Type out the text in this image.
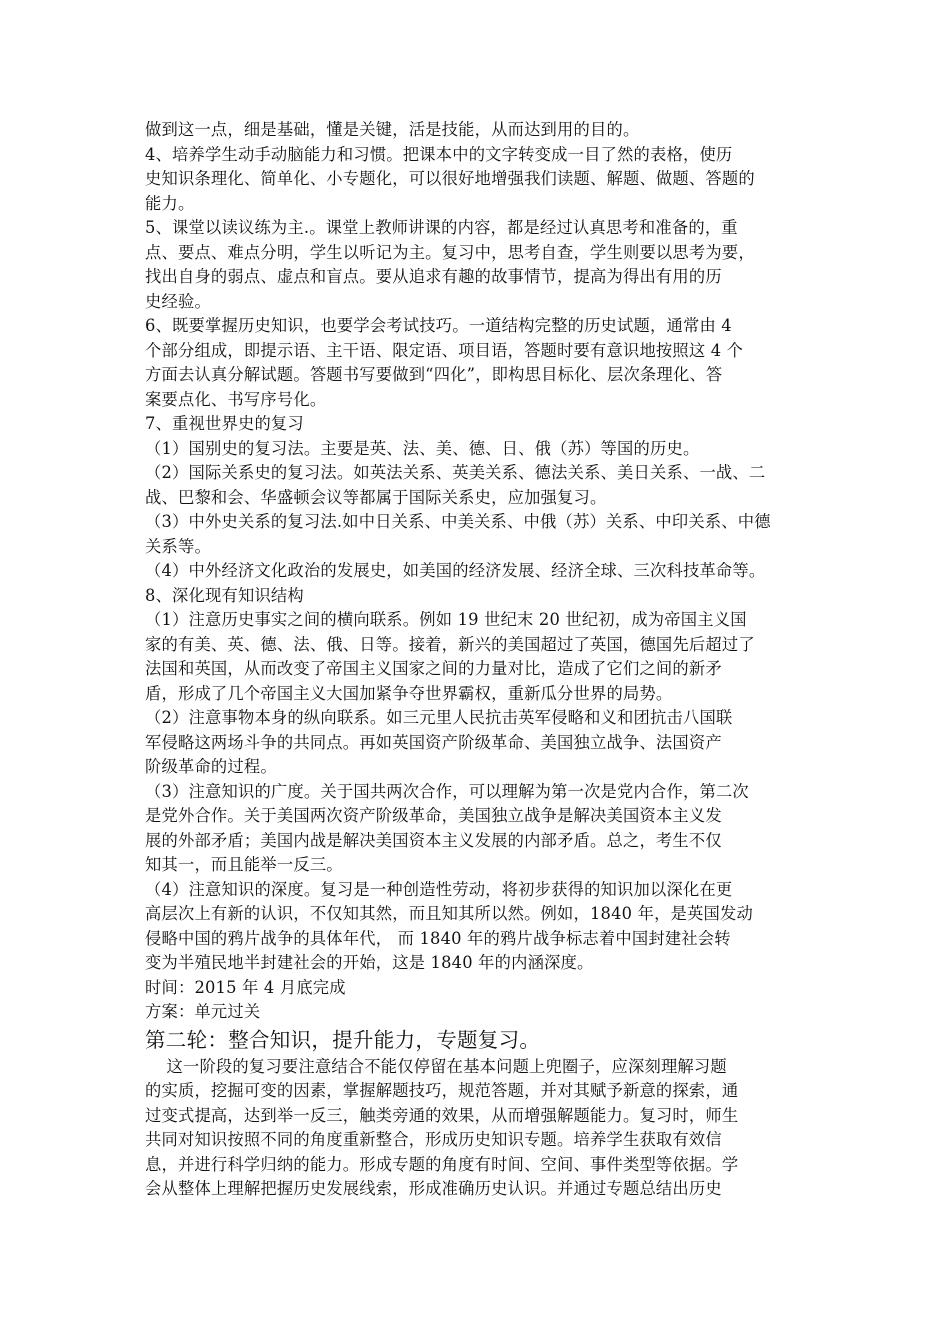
做到这一点，细是基础，懂是关键，活是技能，从而达到用的目的。
4、培养学生动手动脑能力和习惯。把课本中的文字转变成一目了然的表格，使历
史知识条理化、简单化、小专题化，可以很好地增强我们读题、解题、做题、答题的
能力。
5、课堂以读议练为主.。课堂上教师讲课的内容，都是经过认真思考和准备的，重
点、要点、难点分明，学生以听记为主。复习中，思考自查，学生则要以思考为要，
找出自身的弱点、虚点和盲点。要从追求有趣的故事情节，提高为得出有用的历
史经验。
6、既要掌握历史知识，也要学会考试技巧。一道结构完整的历史试题，通常由 4
个部分组成，即提示语、主干语、限定语、项目语，答题时要有意识地按照这 4 个
方面去认真分解试题。答题书写要做到“四化”，即构思目标化、层次条理化、答
案要点化、书写序号化。
7、重视世界史的复习
（1）国别史的复习法。主要是英、法、美、德、日、俄（苏）等国的历史。
（2）国际关系史的复习法。如英法关系、英美关系、德法关系、美日关系、一战、二
战、巴黎和会、华盛顿会议等都属于国际关系史，应加强复习。
（3）中外史关系的复习法.如中日关系、中美关系、中俄（苏）关系、中印关系、中德
关系等。
（4）中外经济文化政治的发展史，如美国的经济发展、经济全球、三次科技革命等。
8、深化现有知识结构
（1）注意历史事实之间的横向联系。例如 19 世纪末 20 世纪初，成为帝国主义国
家的有美、英、德、法、俄、日等。接着，新兴的美国超过了英国，德国先后超过了
法国和英国，从而改变了帝国主义国家之间的力量对比，造成了它们之间的新矛
盾，形成了几个帝国主义大国加紧争夺世界霸权，重新瓜分世界的局势。
（2）注意事物本身的纵向联系。如三元里人民抗击英军侵略和义和团抗击八国联
军侵略这两场斗争的共同点。再如英国资产阶级革命、美国独立战争、法国资产
阶级革命的过程。
（3）注意知识的广度。关于国共两次合作，可以理解为第一次是党内合作，第二次
是党外合作。关于美国两次资产阶级革命，美国独立战争是解决美国资本主义发
展的外部矛盾；美国内战是解决美国资本主义发展的内部矛盾。总之，考生不仅
知其一，而且能举一反三。
（4）注意知识的深度。复习是一种创造性劳动，将初步获得的知识加以深化在更
高层次上有新的认识，不仅知其然，而且知其所以然。例如，1840 年，是英国发动
侵略中国的鸦片战争的具体年代， 而 1840 年的鸦片战争标志着中国封建社会转
变为半殖民地半封建社会的开始，这是 1840 年的内涵深度。
时间：2015 年 4 月底完成
方案：单元过关
第二轮：整合知识，提升能力，专题复习。
这一阶段的复习要注意结合不能仅停留在基本问题上兜圈子，应深刻理解习题
的实质，挖掘可变的因素，掌握解题技巧，规范答题，并对其赋予新意的探索，通
过变式提高，达到举一反三，触类旁通的效果，从而增强解题能力。复习时，师生
共同对知识按照不同的角度重新整合，形成历史知识专题。培养学生获取有效信
息，并进行科学归纳的能力。形成专题的角度有时间、空间、事件类型等依据。学
会从整体上理解把握历史发展线索，形成准确历史认识。并通过专题总结出历史
